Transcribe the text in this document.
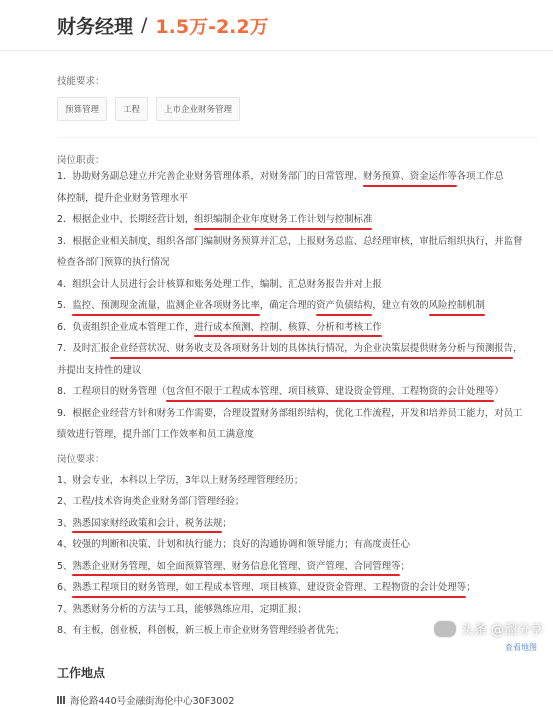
财务经理 / 1.5万-2.2万
技能要求：
预算管理	工程	上市企业财务管理
岗位职责：
1．协助财务副总建立并完善企业财务管理体系，对财务部门的日常管理、财务预算、资金运作等各项工作总
体控制，提升企业财务管理水平
2．根据企业中、长期经营计划，组织编制企业年度财务工作计划与控制标准
3．根据企业相关制度，组织各部门编制财务预算并汇总，上报财务总监、总经理审核，审批后组织执行，并监督
检查各部门预算的执行情况
4．组织会计人员进行会计核算和账务处理工作，编制、汇总财务报告并对上报
5．监控、预测现金流量，监测企业各项财务比率，确定合理的资产负债结构，建立有效的风险控制机制
6．负责组织企业成本管理工作，进行成本预测、控制、核算、分析和考核工作
7．及时汇报企业经营状况、财务收支及各项财务计划的具体执行情况，为企业决策层提供财务分析与预测报告，
并提出支持性的建议
8．工程项目的财务管理（包含但不限于工程成本管理、项目核算、建设资金管理、工程物资的会计处理等）
9．根据企业经营方针和财务工作需要，合理设置财务部组织结构，优化工作流程，开发和培养员工能力，对员工
绩效进行管理，提升部门工作效率和员工满意度
岗位要求：
1、财会专业，本科以上学历，3年以上财务经理管理经历；
2、工程/技术咨询类企业财务部门管理经验；
3、熟悉国家财经政策和会计、税务法规；
4、较强的判断和决策、计划和执行能力；良好的沟通协调和领导能力；有高度责任心
5、熟悉企业财务管理，如全面预算管理、财务信息化管理、资产管理、合同管理等；
6、熟悉工程项目的财务管理，如工程成本管理、项目核算、建设资金管理、工程物资的会计处理等；
7、熟悉财务分析的方法与工具，能够熟练应用，定期汇报；
8、有主板，创业板，科创板，新三板上市企业财务管理经验者优先；
工作地点
海伦路440号金融街海伦中心30F3002
头条 @溜分享
查看地图
